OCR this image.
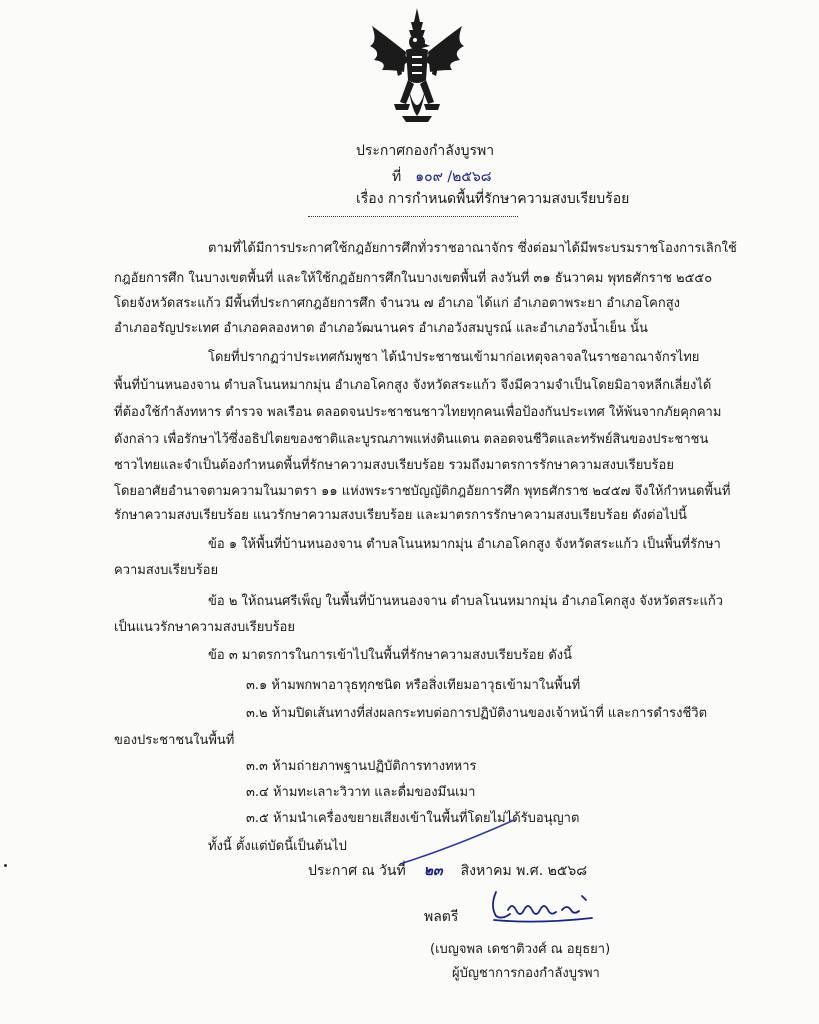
ประกาศกองกำลังบูรพา
ที่ ๑๐๙ /๒๕๖๘
เรื่อง การกำหนดพื้นที่รักษาความสงบเรียบร้อย
ตามที่ได้มีการประกาศใช้กฎอัยการศึกทั่วราชอาณาจักร ซึ่งต่อมาได้มีพระบรมราชโองการเลิกใช้
กฎอัยการศึก ในบางเขตพื้นที่ และให้ใช้กฎอัยการศึกในบางเขตพื้นที่ ลงวันที่ ๓๑ ธันวาคม พุทธศักราช ๒๕๕๐
โดยจังหวัดสระแก้ว มีพื้นที่ประกาศกฎอัยการศึก จำนวน ๗ อำเภอ ได้แก่ อำเภอตาพระยา อำเภอโคกสูง
อำเภออรัญประเทศ อำเภอคลองหาด อำเภอวัฒนานคร อำเภอวังสมบูรณ์ และอำเภอวังน้ำเย็น นั้น
โดยที่ปรากฏว่าประเทศกัมพูชา ได้นำประชาชนเข้ามาก่อเหตุจลาจลในราชอาณาจักรไทย
พื้นที่บ้านหนองจาน ตำบลโนนหมากมุ่น อำเภอโคกสูง จังหวัดสระแก้ว จึงมีความจำเป็นโดยมิอาจหลีกเลี่ยงได้
ที่ต้องใช้กำลังทหาร ตำรวจ พลเรือน ตลอดจนประชาชนชาวไทยทุกคนเพื่อป้องกันประเทศ ให้พ้นจากภัยคุกคาม
ดังกล่าว เพื่อรักษาไว้ซึ่งอธิปไตยของชาติและบูรณภาพแห่งดินแดน ตลอดจนชีวิตและทรัพย์สินของประชาชน
ชาวไทยและจำเป็นต้องกำหนดพื้นที่รักษาความสงบเรียบร้อย รวมถึงมาตรการรักษาความสงบเรียบร้อย
โดยอาศัยอำนาจตามความในมาตรา ๑๑ แห่งพระราชบัญญัติกฎอัยการศึก พุทธศักราช ๒๔๕๗ จึงให้กำหนดพื้นที่
รักษาความสงบเรียบร้อย แนวรักษาความสงบเรียบร้อย และมาตรการรักษาความสงบเรียบร้อย ดังต่อไปนี้
ข้อ ๑ ให้พื้นที่บ้านหนองจาน ตำบลโนนหมากมุ่น อำเภอโคกสูง จังหวัดสระแก้ว เป็นพื้นที่รักษา
ความสงบเรียบร้อย
ข้อ ๒ ให้ถนนศรีเพ็ญ ในพื้นที่บ้านหนองจาน ตำบลโนนหมากมุ่น อำเภอโคกสูง จังหวัดสระแก้ว
เป็นแนวรักษาความสงบเรียบร้อย
ข้อ ๓ มาตรการในการเข้าไปในพื้นที่รักษาความสงบเรียบร้อย ดังนี้
๓.๑ ห้ามพกพาอาวุธทุกชนิด หรือสิ่งเทียมอาวุธเข้ามาในพื้นที่
๓.๒ ห้ามปิดเส้นทางที่ส่งผลกระทบต่อการปฏิบัติงานของเจ้าหน้าที่ และการดำรงชีวิต
ของประชาชนในพื้นที่
๓.๓ ห้ามถ่ายภาพฐานปฏิบัติการทางทหาร
๓.๔ ห้ามทะเลาะวิวาท และดื่มของมึนเมา
๓.๕ ห้ามนำเครื่องขยายเสียงเข้าในพื้นที่โดยไม่ได้รับอนุญาต
ทั้งนี้ ตั้งแต่บัดนี้เป็นต้นไป
ประกาศ ณ วันที่ ๒๓ สิงหาคม พ.ศ. ๒๕๖๘
พลตรี
(เบญจพล เดชาติวงศ์ ณ อยุธยา)
ผู้บัญชาการกองกำลังบูรพา
